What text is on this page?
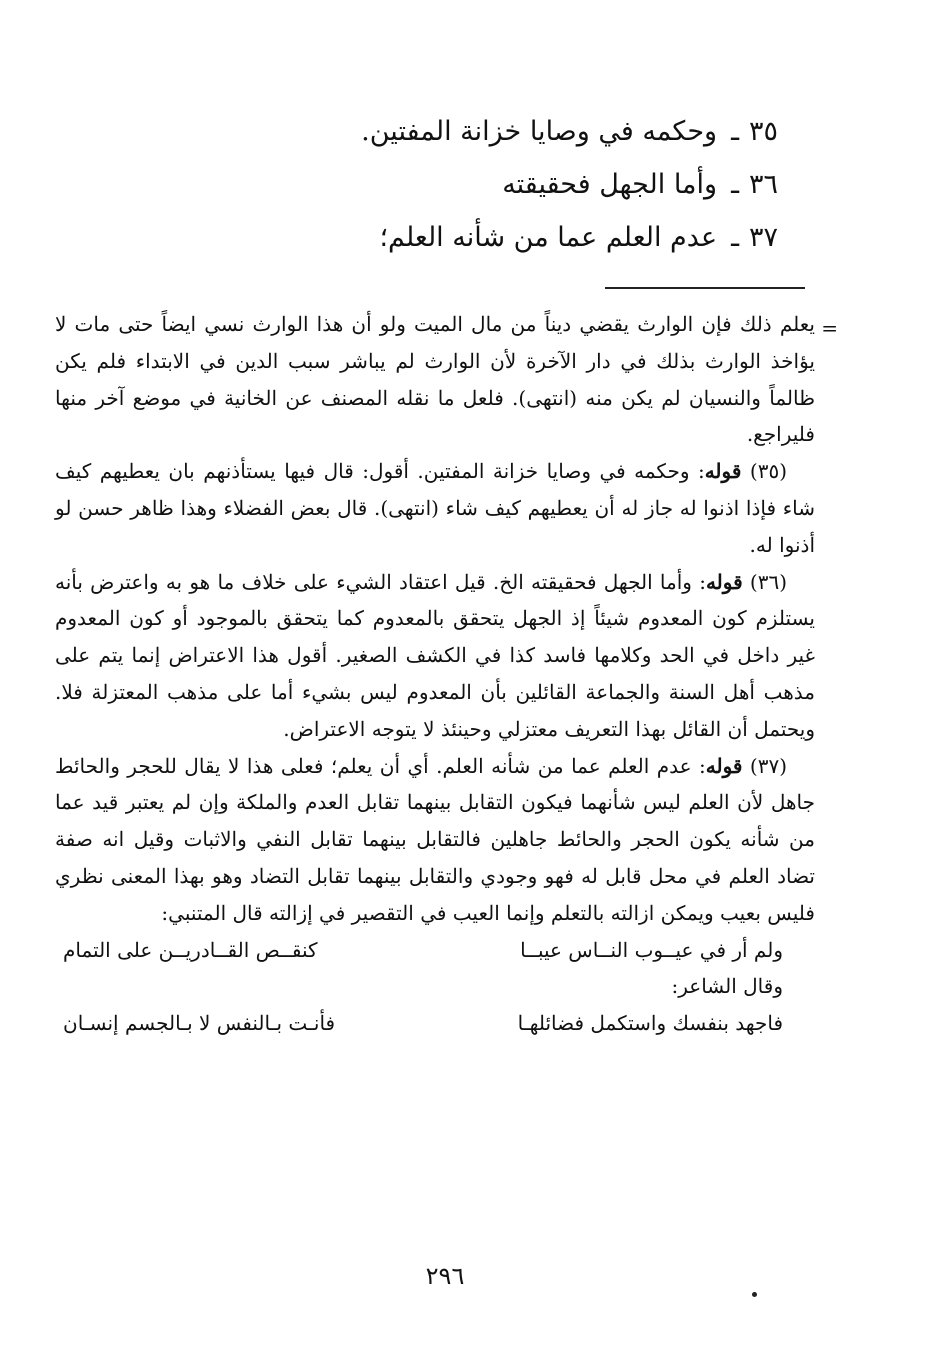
٣٥ـوحكمه في وصايا خزانة المفتين.
٣٦ـوأما الجهل فحقيقته
٣٧ـعدم العلم عما من شأنه العلم؛
=

يعلم ذلك فإن الوارث يقضي ديناً من مال الميت ولو أن هذا الوارث نسي ايضاً حتى مات لا يؤاخذ الوارث بذلك في دار الآخرة لأن الوارث لم يباشر سبب الدين في الابتداء فلم يكن ظالماً والنسيان لم يكن منه (انتهى). فلعل ما نقله المصنف عن الخانية في موضع آخر منها فليراجع.

(٣٥) قوله: وحكمه في وصايا خزانة المفتين. أقول: قال فيها يستأذنهم بان يعطيهم كيف شاء فإذا اذنوا له جاز له أن يعطيهم كيف شاء (انتهى). قال بعض الفضلاء وهذا ظاهر حسن لو أذنوا له.

(٣٦) قوله: وأما الجهل فحقيقته الخ. قيل اعتقاد الشيء على خلاف ما هو به واعترض بأنه يستلزم كون المعدوم شيئاً إذ الجهل يتحقق بالمعدوم كما يتحقق بالموجود أو كون المعدوم غير داخل في الحد وكلامها فاسد كذا في الكشف الصغير. أقول هذا الاعتراض إنما يتم على مذهب أهل السنة والجماعة القائلين بأن المعدوم ليس بشيء أما على مذهب المعتزلة فلا. ويحتمل أن القائل بهذا التعريف معتزلي وحينئذ لا يتوجه الاعتراض.

(٣٧) قوله: عدم العلم عما من شأنه العلم. أي أن يعلم؛ فعلى هذا لا يقال للحجر والحائط جاهل لأن العلم ليس شأنهما فيكون التقابل بينهما تقابل العدم والملكة وإن لم يعتبر قيد عما من شأنه يكون الحجر والحائط جاهلين فالتقابل بينهما تقابل النفي والاثبات وقيل انه صفة تضاد العلم في محل قابل له فهو وجودي والتقابل بينهما تقابل التضاد وهو بهذا المعنى نظري فليس بعيب ويمكن ازالته بالتعلم وإنما العيب في التقصير في إزالته قال المتنبي:

ولم أر في عيــوب النــاس عيبــا
كنقــص القــادريــن على التمام
وقال الشاعر:
فاجهد بنفسك واستكمل فضائلهـا
فأنـت بـالنفس لا بـالجسم إنسـان
٢٩٦
